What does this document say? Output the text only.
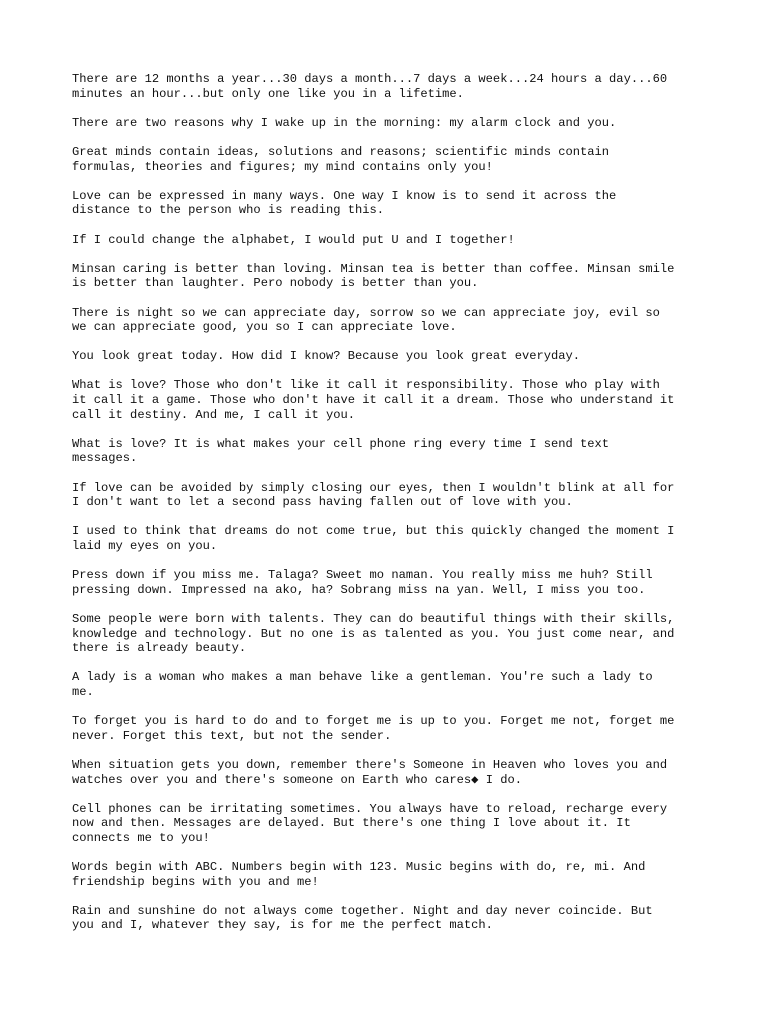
There are 12 months a year...30 days a month...7 days a week...24 hours a day...60
minutes an hour...but only one like you in a lifetime.

There are two reasons why I wake up in the morning: my alarm clock and you.

Great minds contain ideas, solutions and reasons; scientific minds contain
formulas, theories and figures; my mind contains only you!

Love can be expressed in many ways. One way I know is to send it across the
distance to the person who is reading this.

If I could change the alphabet, I would put U and I together!

Minsan caring is better than loving. Minsan tea is better than coffee. Minsan smile
is better than laughter. Pero nobody is better than you.

There is night so we can appreciate day, sorrow so we can appreciate joy, evil so
we can appreciate good, you so I can appreciate love.

You look great today. How did I know? Because you look great everyday.

What is love? Those who don't like it call it responsibility. Those who play with
it call it a game. Those who don't have it call it a dream. Those who understand it
call it destiny. And me, I call it you.

What is love? It is what makes your cell phone ring every time I send text
messages.

If love can be avoided by simply closing our eyes, then I wouldn't blink at all for
I don't want to let a second pass having fallen out of love with you.

I used to think that dreams do not come true, but this quickly changed the moment I
laid my eyes on you.

Press down if you miss me. Talaga? Sweet mo naman. You really miss me huh? Still
pressing down. Impressed na ako, ha? Sobrang miss na yan. Well, I miss you too.

Some people were born with talents. They can do beautiful things with their skills,
knowledge and technology. But no one is as talented as you. You just come near, and
there is already beauty.

A lady is a woman who makes a man behave like a gentleman. You're such a lady to
me.

To forget you is hard to do and to forget me is up to you. Forget me not, forget me
never. Forget this text, but not the sender.

When situation gets you down, remember there's Someone in Heaven who loves you and
watches over you and there's someone on Earth who cares◆ I do.

Cell phones can be irritating sometimes. You always have to reload, recharge every
now and then. Messages are delayed. But there's one thing I love about it. It
connects me to you!

Words begin with ABC. Numbers begin with 123. Music begins with do, re, mi. And
friendship begins with you and me!

Rain and sunshine do not always come together. Night and day never coincide. But
you and I, whatever they say, is for me the perfect match.
